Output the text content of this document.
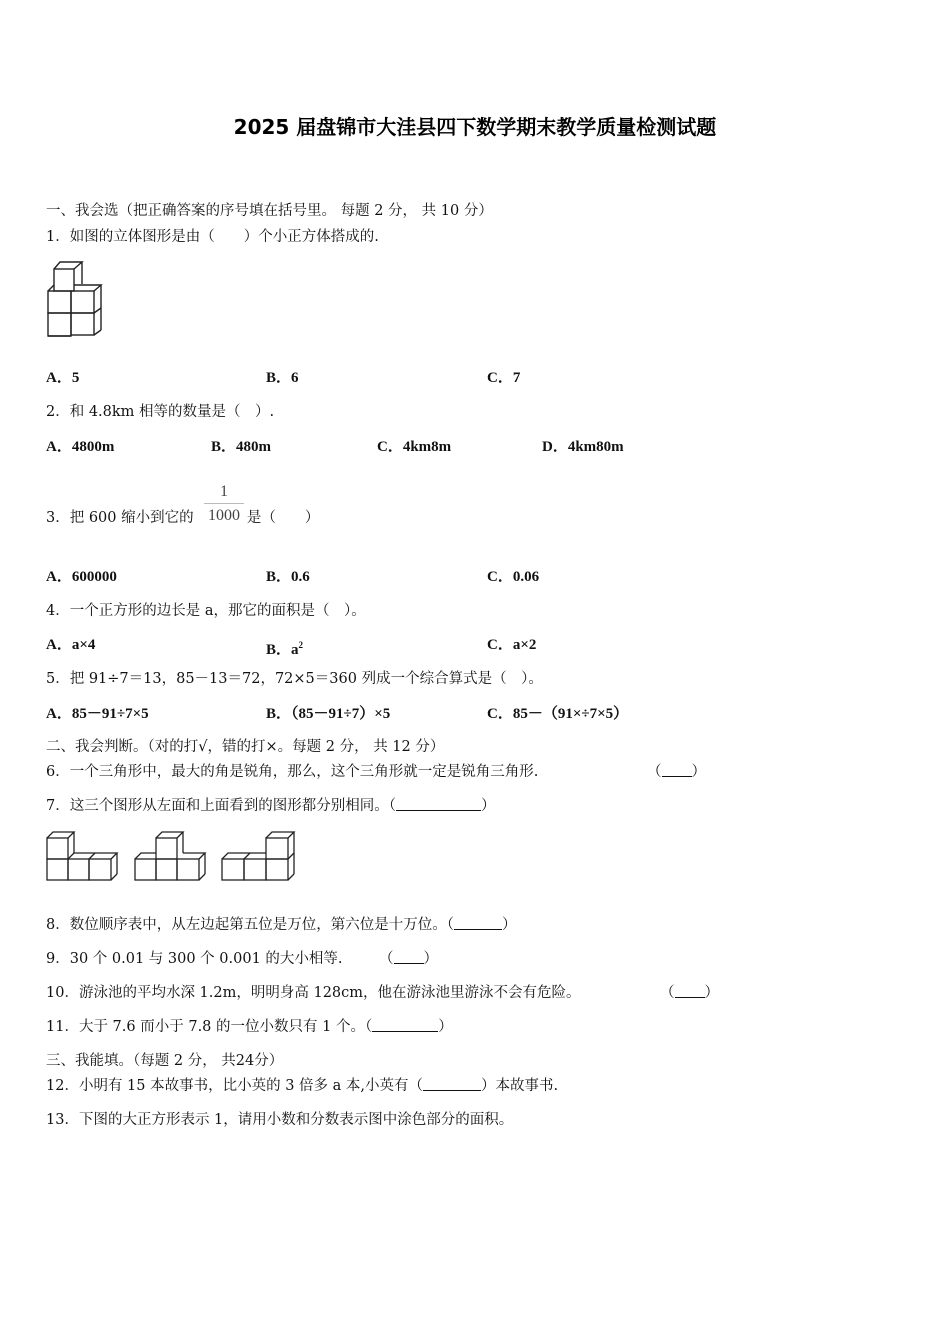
2025 届盘锦市大洼县四下数学期末教学质量检测试题
一、我会选（把正确答案的序号填在括号里。 每题 2 分， 共 10 分）
1．如图的立体图形是由（　　）个小正方体搭成的.
A．5	B．6	C．7
2．和 4.8km 相等的数量是（　）.
A．4800m	B．480m	C．4km8m	D．4km80m
3．把 600 缩小到它的	是（　　）
1
1000
A．600000	B．0.6	C．0.06
4．一个正方形的边长是 a，那它的面积是（　）。
A．a×4	B．$a^2$	C．a×2
5．把 91÷7＝13，85－13＝72，72×5＝360 列成一个综合算式是（　）。
A．85－91÷7×5	B．（85－91÷7）×5	C．85－（91×÷7×5）
二、我会判断。（对的打√，错的打×。每题 2 分， 共 12 分）
6．一个三角形中，最大的角是锐角，那么，这个三角形就一定是锐角三角形.	（ ）
7．这三个图形从左面和上面看到的图形都分别相同。（	）
8．数位顺序表中，从左边起第五位是万位，第六位是十万位。（	）
9．30 个 0.01 与 300 个 0.001 的大小相等.	（ ）
10．游泳池的平均水深 1.2m，明明身高 128cm，他在游泳池里游泳不会有危险。	（ ）
11．大于 7.6 而小于 7.8 的一位小数只有 1 个。（	）
三、我能填。（每题 2 分， 共24分）
12．小明有 15 本故事书，比小英的 3 倍多 a 本,小英有（	）本故事书.
13．下图的大正方形表示 1，请用小数和分数表示图中涂色部分的面积。
